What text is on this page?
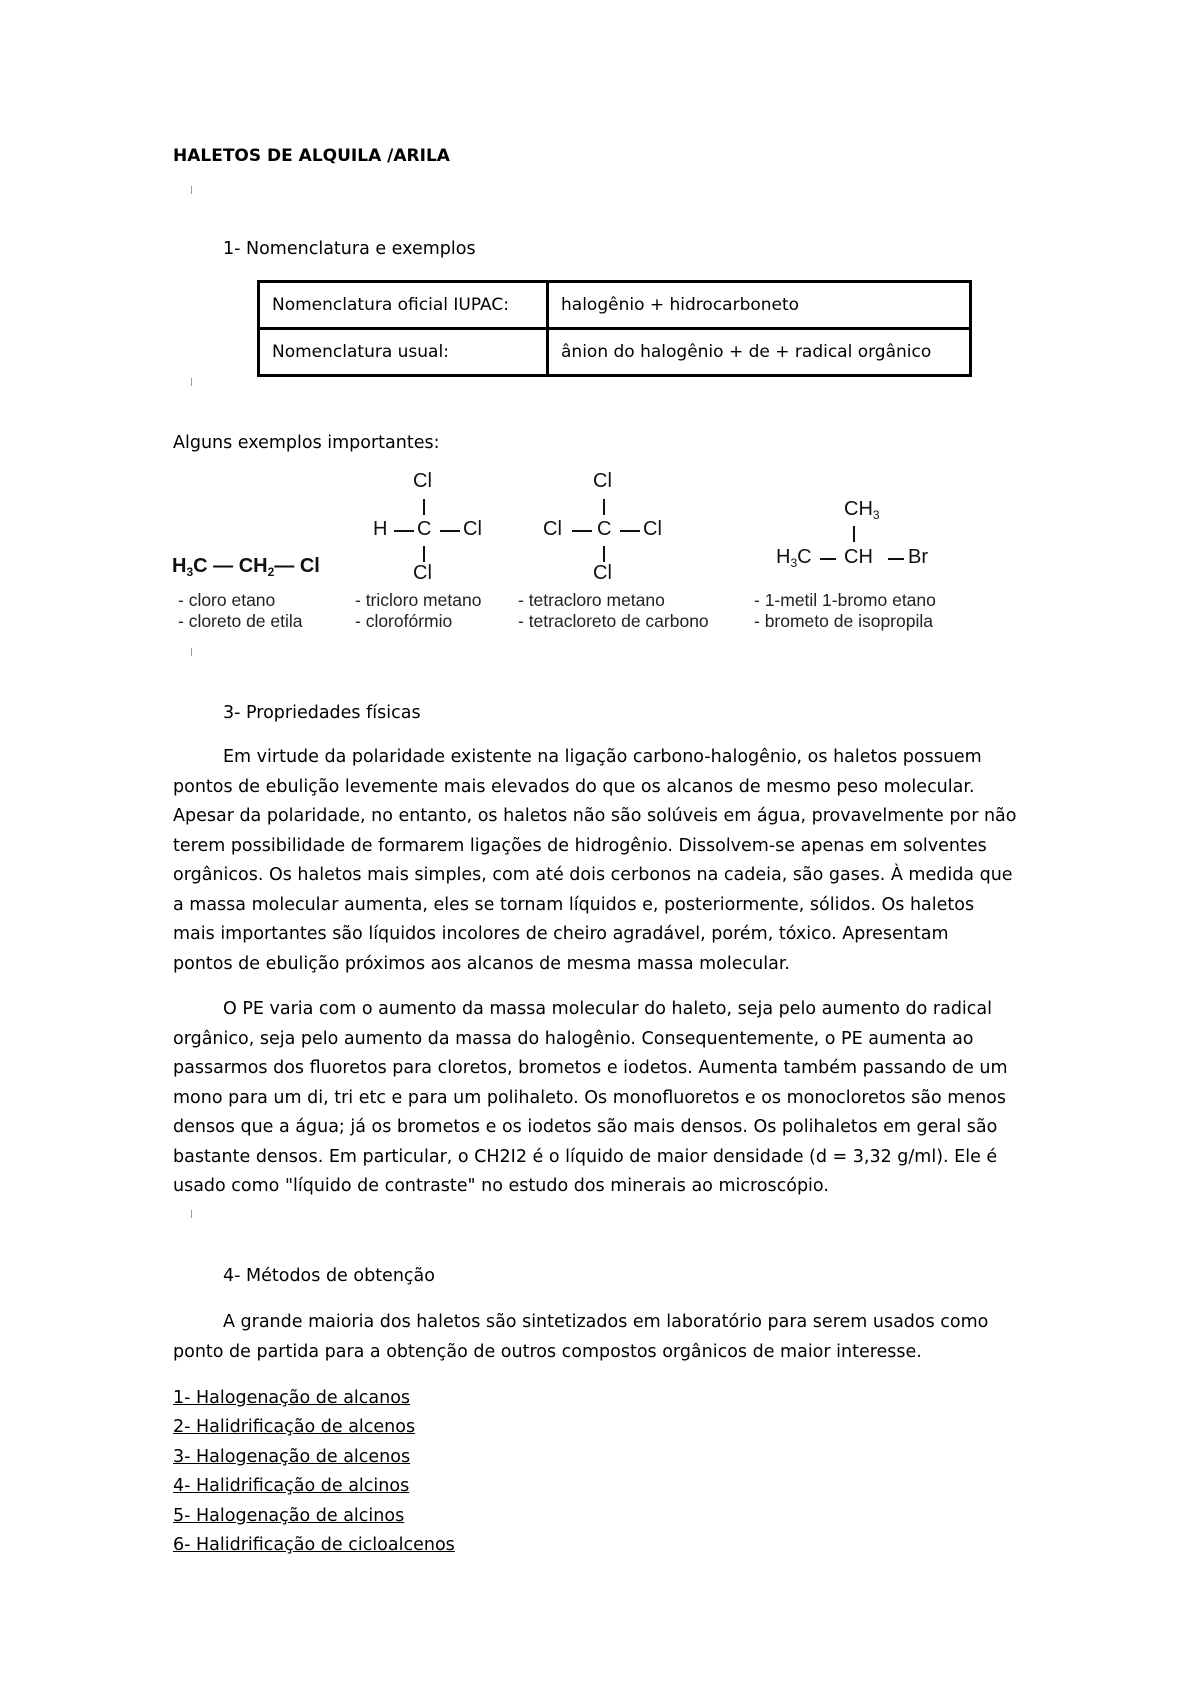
HALETOS DE ALQUILA /ARILA
1- Nomenclatura e exemplos
Nomenclatura oficial IUPAC:	halogênio + hidrocarboneto
Nomenclatura usual:	ânion do halogênio + de + radical orgânico
Alguns exemplos importantes:
$H_3C$ — $CH_2—$ Cl
- cloro etano
- cloreto de etila
Cl
H C Cl
Cl
- tricloro metano
- clorofórmio
Cl
Cl C Cl
Cl
- tetracloro metano
- tetracloreto de carbono
$CH_3$
$H_3C$ CH Br
- 1-metil 1-bromo etano
- brometo de isopropila
3- Propriedades físicas

Em virtude da polaridade existente na ligação carbono-halogênio, os haletos possuem

pontos de ebulição levemente mais elevados do que os alcanos de mesmo peso molecular.

Apesar da polaridade, no entanto, os haletos não são solúveis em água, provavelmente por não

terem possibilidade de formarem ligações de hidrogênio. Dissolvem-se apenas em solventes

orgânicos. Os haletos mais simples, com até dois cerbonos na cadeia, são gases. À medida que

a massa molecular aumenta, eles se tornam líquidos e, posteriormente, sólidos. Os haletos

mais importantes são líquidos incolores de cheiro agradável, porém, tóxico. Apresentam

pontos de ebulição próximos aos alcanos de mesma massa molecular.

O PE varia com o aumento da massa molecular do haleto, seja pelo aumento do radical

orgânico, seja pelo aumento da massa do halogênio. Consequentemente, o PE aumenta ao

passarmos dos fluoretos para cloretos, brometos e iodetos. Aumenta também passando de um

mono para um di, tri etc e para um polihaleto. Os monofluoretos e os monocloretos são menos

densos que a água; já os brometos e os iodetos são mais densos. Os polihaletos em geral são

bastante densos. Em particular, o CH2I2 é o líquido de maior densidade (d = 3,32 g/ml). Ele é

usado como "líquido de contraste" no estudo dos minerais ao microscópio.

4- Métodos de obtenção

A grande maioria dos haletos são sintetizados em laboratório para serem usados como

ponto de partida para a obtenção de outros compostos orgânicos de maior interesse.

1- Halogenação de alcanos
2- Halidrificação de alcenos
3- Halogenação de alcenos
4- Halidrificação de alcinos
5- Halogenação de alcinos
6- Halidrificação de cicloalcenos
